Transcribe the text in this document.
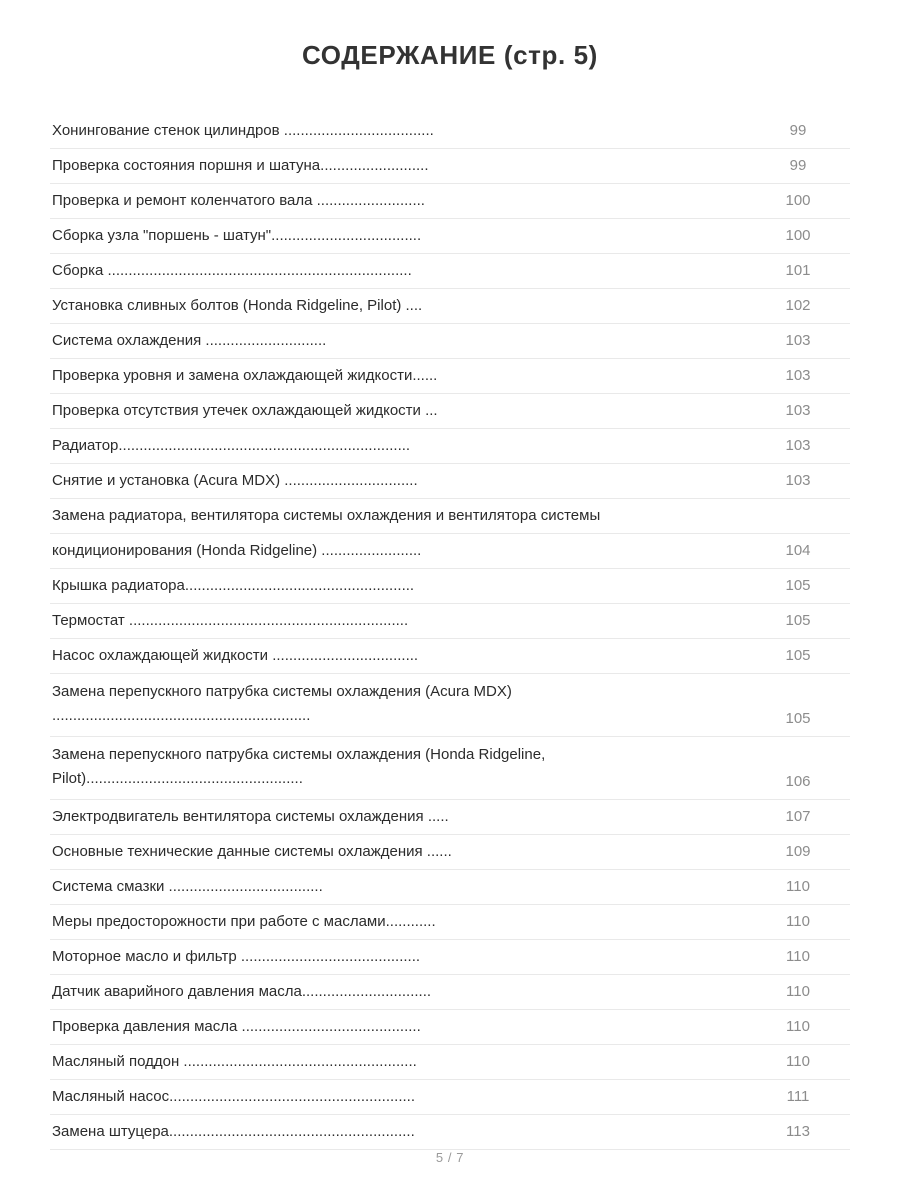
СОДЕРЖАНИЕ (стр. 5)
Хонингование стенок цилиндров ....................................	99
Проверка состояния поршня и шатуна..........................	99
Проверка и ремонт коленчатого вала ..........................	100
Сборка узла "поршень - шатун"....................................	100
Сборка .........................................................................	101
Установка сливных болтов (Honda Ridgeline, Pilot) ....	102
Система охлаждения .............................	103
Проверка уровня и замена охлаждающей жидкости......	103
Проверка отсутствия утечек охлаждающей жидкости ...	103
Радиатор......................................................................	103
Снятие и установка (Acura MDX) ................................	103
Замена радиатора, вентилятора системы охлаждения и вентилятора системы	
кондиционирования (Honda Ridgeline) ........................	104
Крышка радиатора.......................................................	105
Термостат ...................................................................	105
Насос охлаждающей жидкости ...................................	105
Замена перепускного патрубка системы охлаждения (Acura MDX) ..............................................................	105
Замена перепускного патрубка системы охлаждения (Honda Ridgeline, Pilot)....................................................	106
Электродвигатель вентилятора системы охлаждения .....	107
Основные технические данные системы охлаждения ......	109
Система смазки .....................................	110
Меры предосторожности при работе с маслами............	110
Моторное масло и фильтр ...........................................	110
Датчик аварийного давления масла...............................	110
Проверка давления масла ...........................................	110
Масляный поддон ........................................................	110
Масляный насос...........................................................	111
Замена штуцера...........................................................	113
5 / 7
